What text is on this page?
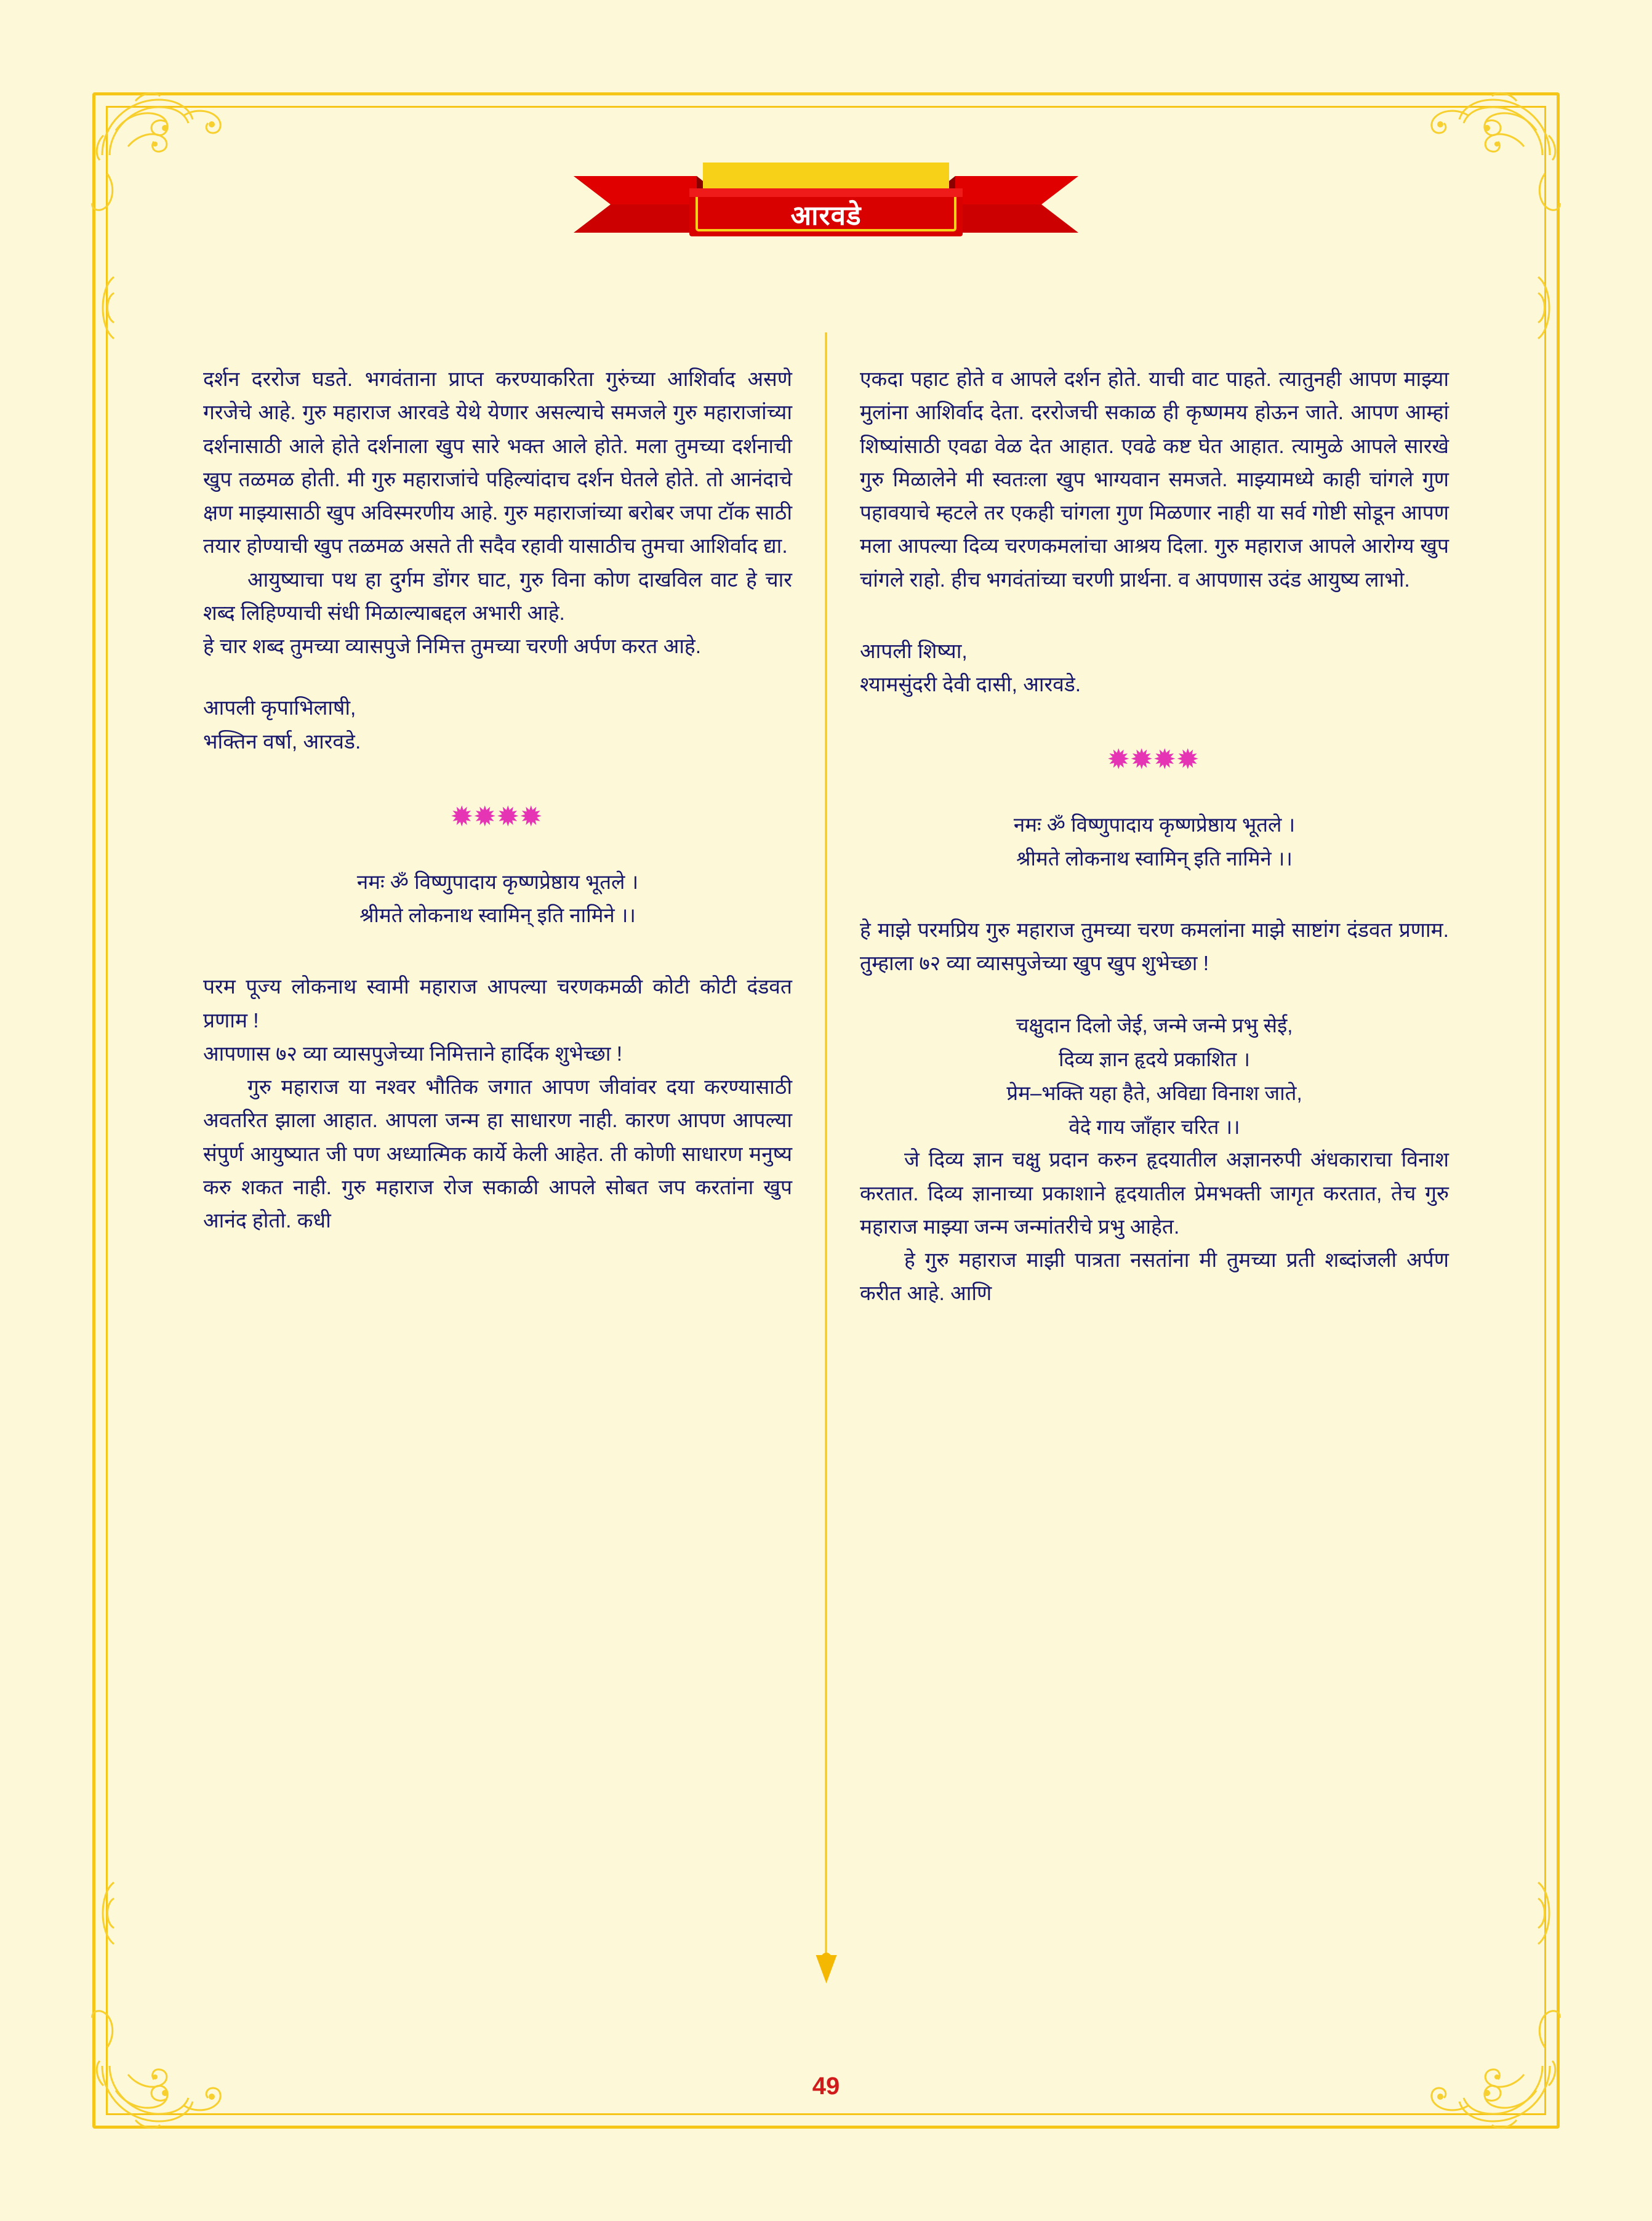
आरवडे

दर्शन दररोज घडते. भगवंताना प्राप्त करण्याकरिता गुरुंच्या आशिर्वाद असणे गरजेचे आहे. गुरु महाराज आरवडे येथे येणार असल्याचे समजले गुरु महाराजांच्या दर्शनासाठी आले होते दर्शनाला खुप सारे भक्त आले होते. मला तुमच्या दर्शनाची खुप तळमळ होती. मी गुरु महाराजांचे पहिल्यांदाच दर्शन घेतले होते. तो आनंदाचे क्षण माझ्यासाठी खुप अविस्मरणीय आहे. गुरु महाराजांच्या बरोबर जपा टॉक साठी तयार होण्याची खुप तळमळ असते ती सदैव रहावी यासाठीच तुमचा आशिर्वाद द्या.

आयुष्याचा पथ हा दुर्गम डोंगर घाट, गुरु विना कोण दाखविल वाट हे चार शब्द लिहिण्याची संधी मिळाल्याबद्दल अभारी आहे.

हे चार शब्द तुमच्या व्यासपुजे निमित्त तुमच्या चरणी अर्पण करत आहे.

आपली कृपाभिलाषी,

भक्तिन वर्षा, आरवडे.

✹✹✹✹
नमः ॐ विष्णुपादाय कृष्णप्रेष्ठाय भूतले ।
श्रीमते लोकनाथ स्वामिन् इति नामिने ।।

परम पूज्य लोकनाथ स्वामी महाराज आपल्या चरणकमळी कोटी कोटी दंडवत प्रणाम !

आपणास ७२ व्या व्यासपुजेच्या निमित्ताने हार्दिक शुभेच्छा !

गुरु महाराज या नश्वर भौतिक जगात आपण जीवांवर दया करण्यासाठी अवतरित झाला आहात. आपला जन्म हा साधारण नाही. कारण आपण आपल्या संपुर्ण आयुष्यात जी पण अध्यात्मिक कार्ये केली आहेत. ती कोणी साधारण मनुष्य करु शकत नाही. गुरु महाराज रोज सकाळी आपले सोबत जप करतांना खुप आनंद होतो. कधी

एकदा पहाट होते व आपले दर्शन होते. याची वाट पाहते. त्यातुनही आपण माझ्या मुलांना आशिर्वाद देता. दररोजची सकाळ ही कृष्णमय होऊन जाते. आपण आम्हां शिष्यांसाठी एवढा वेळ देत आहात. एवढे कष्ट घेत आहात. त्यामुळे आपले सारखे गुरु मिळालेने मी स्वतःला खुप भाग्यवान समजते. माझ्यामध्ये काही चांगले गुण पहावयाचे म्हटले तर एकही चांगला गुण मिळणार नाही या सर्व गोष्टी सोडून आपण मला आपल्या दिव्य चरणकमलांचा आश्रय दिला. गुरु महाराज आपले आरोग्य खुप चांगले राहो. हीच भगवंतांच्या चरणी प्रार्थना. व आपणास उदंड आयुष्य लाभो.

आपली शिष्या,

श्यामसुंदरी देवी दासी, आरवडे.

✹✹✹✹
नमः ॐ विष्णुपादाय कृष्णप्रेष्ठाय भूतले ।
श्रीमते लोकनाथ स्वामिन् इति नामिने ।।

हे माझे परमप्रिय गुरु महाराज तुमच्या चरण कमलांना माझे साष्टांग दंडवत प्रणाम. तुम्हाला ७२ व्या व्यासपुजेच्या खुप खुप शुभेच्छा !

चक्षुदान दिलो जेई, जन्मे जन्मे प्रभु सेई,
दिव्य ज्ञान हृदये प्रकाशित ।
प्रेम–भक्ति यहा हैते, अविद्या विनाश जाते,
वेदे गाय जाँहार चरित ।।

जे दिव्य ज्ञान चक्षु प्रदान करुन हृदयातील अज्ञानरुपी अंधकाराचा विनाश करतात. दिव्य ज्ञानाच्या प्रकाशाने हृदयातील प्रेमभक्ती जागृत करतात, तेच गुरु महाराज माझ्या जन्म जन्मांतरीचे प्रभु आहेत.

हे गुरु महाराज माझी पात्रता नसतांना मी तुमच्या प्रती शब्दांजली अर्पण करीत आहे. आणि

49
